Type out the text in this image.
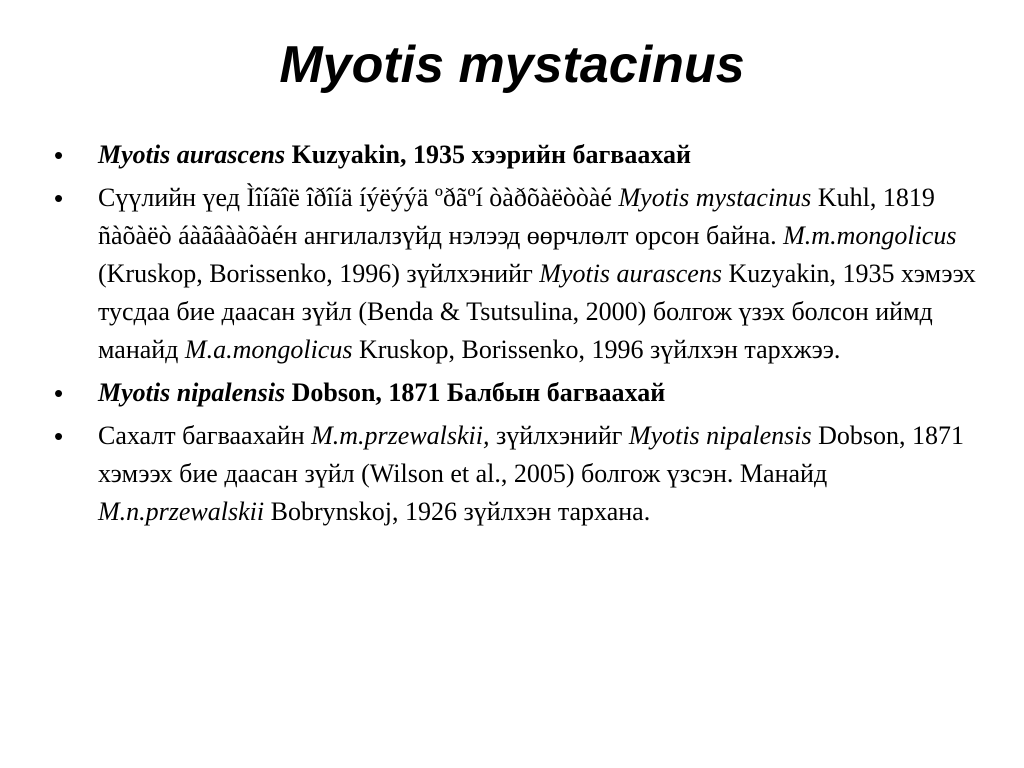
Myotis mystacinus
•	Myotis aurascens Kuzyakin, 1935 хээрийн багваахай
•	Сүүлийн үед Ìîíãîë îðîíä íýëýýä ºðãºí òàðõàëòòàé Myotis mystacinus Kuhl, 1819 ñàõàëò áàãâààõàéн ангилалзүйд нэлээд өөрчлөлт орсон байна. M.m.mongolicus (Kruskop, Borissenko, 1996) зүйлхэнийг Myotis aurascens Kuzyakin, 1935 хэмээх тусдаа бие даасан зүйл (Benda & Tsutsulina, 2000) болгож үзэх болсон иймд манайд M.a.mongolicus Kruskop, Borissenko, 1996 зүйлхэн тархжээ.
•	Myotis nipalensis Dobson, 1871 Балбын багваахай
•	Сахалт багваахайн M.m.przewalskii, зүйлхэнийг Myotis nipalensis Dobson, 1871 хэмээх бие даасан зүйл (Wilson et al., 2005) болгож үзсэн. Манайд M.n.przewalskii Bobrynskoj, 1926 зүйлхэн тархана.
